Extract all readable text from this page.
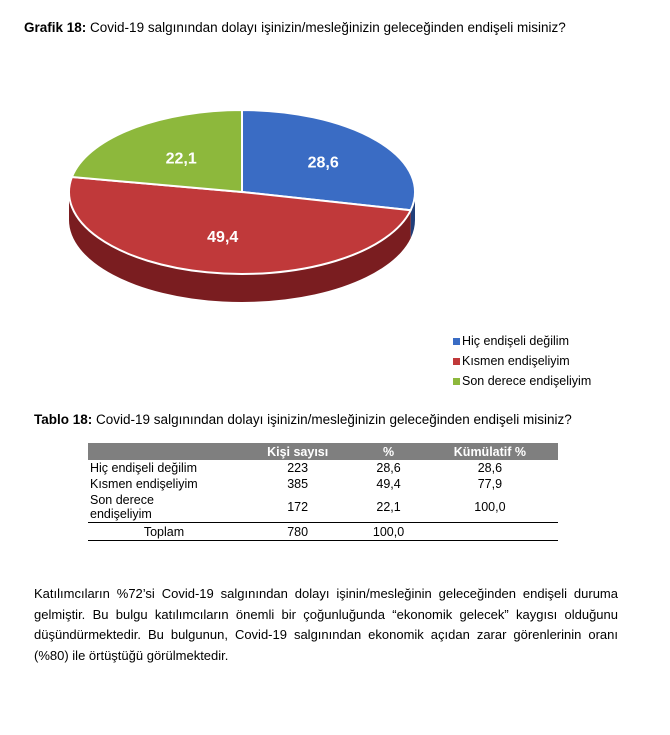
Grafik 18: Covid-19 salgınından dolayı işinizin/mesleğinizin geleceğinden endişeli misiniz?
28,6
49,4
22,1
Hiç endişeli değilim
Kısmen endişeliyim
Son derece endişeliyim
Tablo 18: Covid-19 salgınından dolayı işinizin/mesleğinizin geleceğinden endişeli misiniz?
	Kişi sayısı	%	Kümülatif %
Hiç endişeli değilim	223	28,6	28,6
Kısmen endişeliyim	385	49,4	77,9
Son derece
endişeliyim	172	22,1	100,0
Toplam	780	100,0	
Katılımcıların %72’si Covid-19 salgınından dolayı işinin/mesleğinin geleceğinden endişeli duruma gelmiştir. Bu bulgu katılımcıların önemli bir çoğunluğunda “ekonomik gelecek” kaygısı olduğunu düşündürmektedir. Bu bulgunun, Covid-19 salgınından ekonomik açıdan zarar görenlerinin oranı (%80) ile örtüştüğü görülmektedir.
